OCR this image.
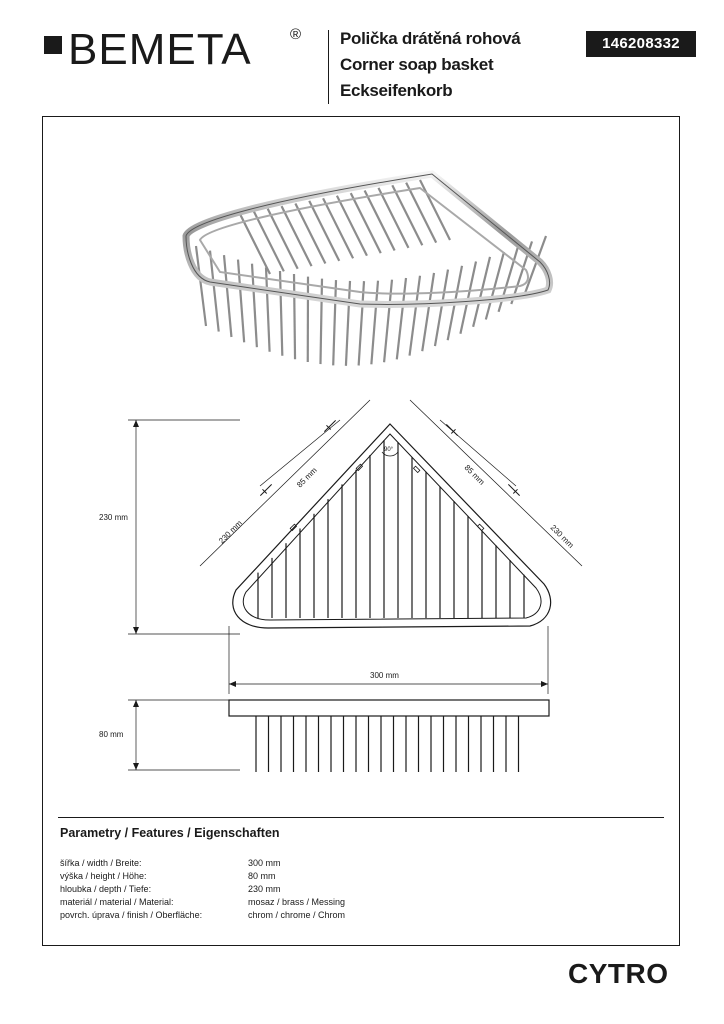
BEMETA	® Polička drátěná rohová
Corner soap basket
Eckseifenkorb
146208332
230 mm
230 mm	230 mm
85 mm	85 mm
90°
300 mm
80 mm
Parametry / Features / Eigenschaften
šířka / width / Breite:	300 mm
výška / height / Höhe:	80 mm
hloubka / depth / Tiefe:	230 mm
materiál / material / Material:	mosaz / brass / Messing
povrch. úprava / finish / Oberfläche:	chrom / chrome / Chrom
CYTRO
